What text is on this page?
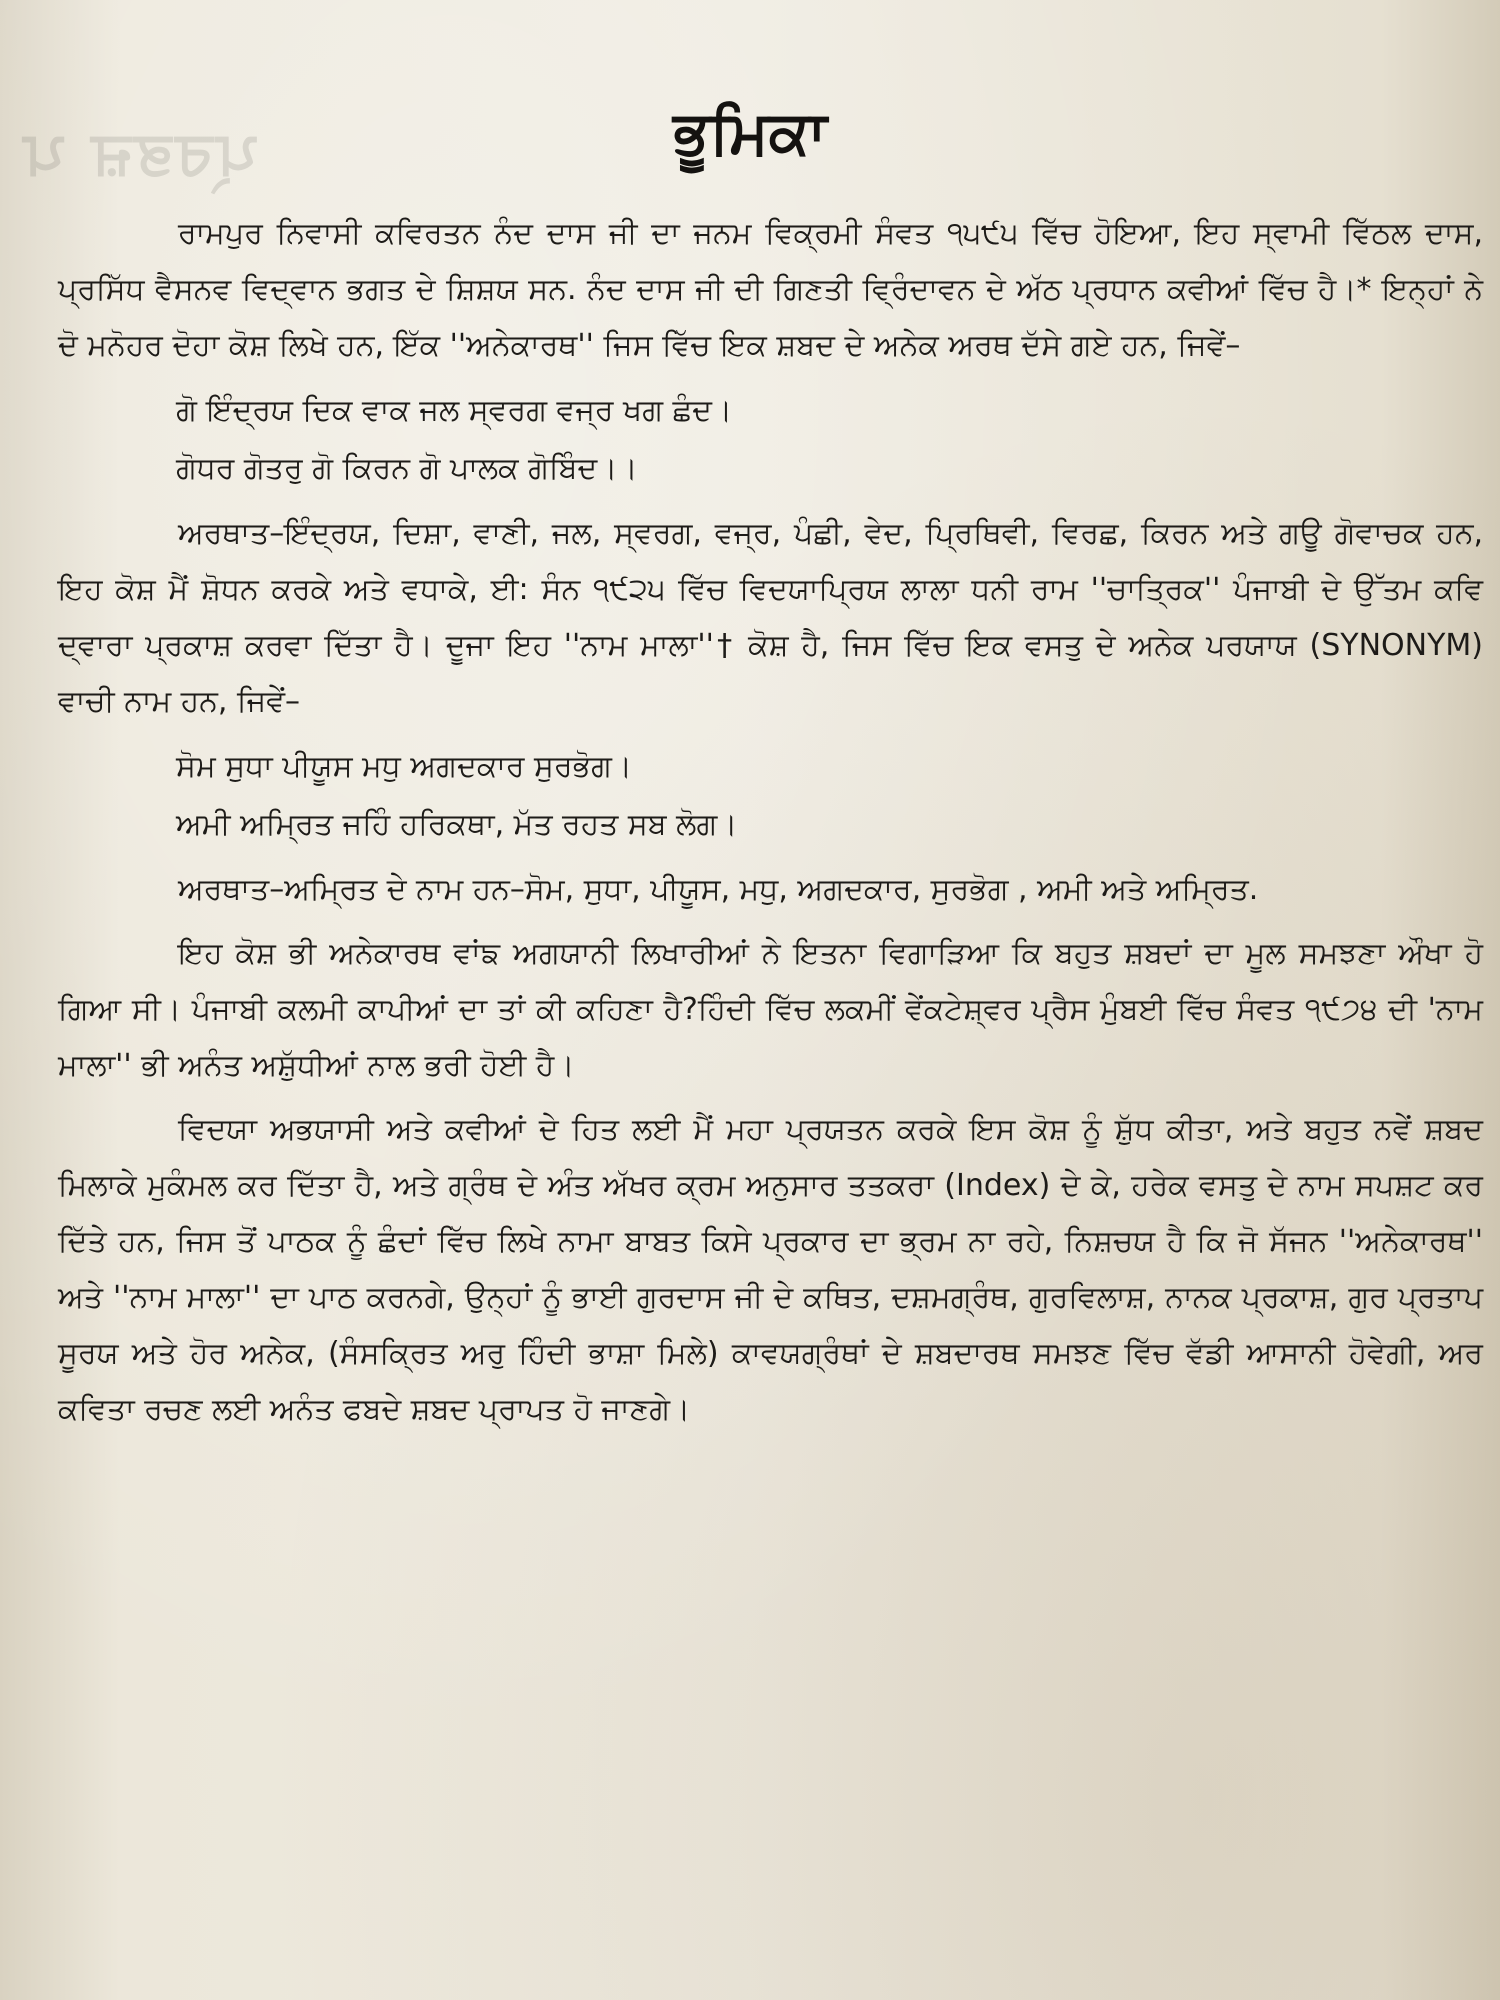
ਪ੍ਰਭਜ਼ ਪ	ਭੂਮਿਕਾ

ਰਾਮਪੁਰ ਨਿਵਾਸੀ ਕਵਿਰਤਨ ਨੰਦ ਦਾਸ ਜੀ ਦਾ ਜਨਮ ਵਿਕ੍ਰਮੀ ਸੰਵਤ ੧੫੯੫ ਵਿੱਚ ਹੋਇਆ, ਇਹ ਸ੍ਵਾਮੀ ਵਿੱਠਲ ਦਾਸ, ਪ੍ਰਸਿੱਧ ਵੈਸਨਵ ਵਿਦ੍ਵਾਨ ਭਗਤ ਦੇ ਸ਼ਿਸ਼ਯ ਸਨ. ਨੰਦ ਦਾਸ ਜੀ ਦੀ ਗਿਣਤੀ ਵ੍ਰਿੰਦਾਵਨ ਦੇ ਅੱਠ ਪ੍ਰਧਾਨ ਕਵੀਆਂ ਵਿੱਚ ਹੈ।* ਇਨ੍ਹਾਂ ਨੇ ਦੋ ਮਨੋਹਰ ਦੋਹਾ ਕੋਸ਼ ਲਿਖੇ ਹਨ, ਇੱਕ ''ਅਨੇਕਾਰਥ'' ਜਿਸ ਵਿੱਚ ਇਕ ਸ਼ਬਦ ਦੇ ਅਨੇਕ ਅਰਥ ਦੱਸੇ ਗਏ ਹਨ, ਜਿਵੇਂ–

ਗੋ ਇੰਦ੍ਰਯ ਦਿਕ ਵਾਕ ਜਲ ਸ੍ਵਰਗ ਵਜ੍ਰ ਖਗ ਛੰਦ।
ਗੋਧਰ ਗੋਤਰੁ ਗੋ ਕਿਰਨ ਗੋ ਪਾਲਕ ਗੋਬਿੰਦ।।

ਅਰਥਾਤ–ਇੰਦ੍ਰਯ, ਦਿਸ਼ਾ, ਵਾਣੀ, ਜਲ, ਸ੍ਵਰਗ, ਵਜ੍ਰ, ਪੰਛੀ, ਵੇਦ, ਪ੍ਰਿਥਿਵੀ, ਵਿਰਛ, ਕਿਰਨ ਅਤੇ ਗਊ ਗੋਵਾਚਕ ਹਨ, ਇਹ ਕੋਸ਼ ਮੈਂ ਸ਼ੋਧਨ ਕਰਕੇ ਅਤੇ ਵਧਾਕੇ, ਈ: ਸੰਨ ੧੯੨੫ ਵਿੱਚ ਵਿਦਯਾਪ੍ਰਿਯ ਲਾਲਾ ਧਨੀ ਰਾਮ ''ਚਾਤ੍ਰਿਕ'' ਪੰਜਾਬੀ ਦੇ ਉੱਤਮ ਕਵਿ ਦ੍ਵਾਰਾ ਪ੍ਰਕਾਸ਼ ਕਰਵਾ ਦਿੱਤਾ ਹੈ। ਦੂਜਾ ਇਹ ''ਨਾਮ ਮਾਲਾ''† ਕੋਸ਼ ਹੈ, ਜਿਸ ਵਿੱਚ ਇਕ ਵਸਤੁ ਦੇ ਅਨੇਕ ਪਰਯਾਯ (SYNONYM) ਵਾਚੀ ਨਾਮ ਹਨ, ਜਿਵੇਂ–

ਸੋਮ ਸੁਧਾ ਪੀਯੂਸ ਮਧੁ ਅਗਦਕਾਰ ਸੁਰਭੋਗ।
ਅਮੀ ਅਮ੍ਰਿਤ ਜਹਿੰ ਹਰਿਕਥਾ, ਮੱਤ ਰਹਤ ਸਬ ਲੋਗ।

ਅਰਥਾਤ–ਅਮ੍ਰਿਤ ਦੇ ਨਾਮ ਹਨ–ਸੋਮ, ਸੁਧਾ, ਪੀਯੂਸ, ਮਧੁ, ਅਗਦਕਾਰ, ਸੁਰਭੋਗ , ਅਮੀ ਅਤੇ ਅਮ੍ਰਿਤ.

ਇਹ ਕੋਸ਼ ਭੀ ਅਨੇਕਾਰਥ ਵਾਂਙ ਅਗਯਾਨੀ ਲਿਖਾਰੀਆਂ ਨੇ ਇਤਨਾ ਵਿਗਾੜਿਆ ਕਿ ਬਹੁਤ ਸ਼ਬਦਾਂ ਦਾ ਮੂਲ ਸਮਝਣਾ ਔਖਾ ਹੋ ਗਿਆ ਸੀ। ਪੰਜਾਬੀ ਕਲਮੀ ਕਾਪੀਆਂ ਦਾ ਤਾਂ ਕੀ ਕਹਿਣਾ ਹੈ?ਹਿੰਦੀ ਵਿੱਚ ਲਕਮੀਂ ਵੇਂਕਟੇਸ਼੍ਵਰ ਪ੍ਰੈਸ ਮੁੰਬਈ ਵਿੱਚ ਸੰਵਤ ੧੯੭੪ ਦੀ 'ਨਾਮ ਮਾਲਾ'' ਭੀ ਅਨੰਤ ਅਸ਼ੁੱਧੀਆਂ ਨਾਲ ਭਰੀ ਹੋਈ ਹੈ।

ਵਿਦਯਾ ਅਭਯਾਸੀ ਅਤੇ ਕਵੀਆਂ ਦੇ ਹਿਤ ਲਈ ਮੈਂ ਮਹਾ ਪ੍ਰਯਤਨ ਕਰਕੇ ਇਸ ਕੋਸ਼ ਨੂੰ ਸ਼ੁੱਧ ਕੀਤਾ, ਅਤੇ ਬਹੁਤ ਨਵੇਂ ਸ਼ਬਦ ਮਿਲਾਕੇ ਮੁਕੰਮਲ ਕਰ ਦਿੱਤਾ ਹੈ, ਅਤੇ ਗ੍ਰੰਥ ਦੇ ਅੰਤ ਅੱਖਰ ਕ੍ਰਮ ਅਨੁਸਾਰ ਤਤਕਰਾ (Index) ਦੇ ਕੇ, ਹਰੇਕ ਵਸਤੁ ਦੇ ਨਾਮ ਸਪਸ਼ਟ ਕਰ ਦਿੱਤੇ ਹਨ, ਜਿਸ ਤੋਂ ਪਾਠਕ ਨੂੰ ਛੰਦਾਂ ਵਿੱਚ ਲਿਖੇ ਨਾਮਾ ਬਾਬਤ ਕਿਸੇ ਪ੍ਰਕਾਰ ਦਾ ਭ੍ਰਮ ਨਾ ਰਹੇ, ਨਿਸ਼ਚਯ ਹੈ ਕਿ ਜੋ ਸੱਜਨ ''ਅਨੇਕਾਰਥ'' ਅਤੇ ''ਨਾਮ ਮਾਲਾ'' ਦਾ ਪਾਠ ਕਰਨਗੇ, ਉਨ੍ਹਾਂ ਨੂੰ ਭਾਈ ਗੁਰਦਾਸ ਜੀ ਦੇ ਕਥਿਤ, ਦਸ਼ਮਗ੍ਰੰਥ, ਗੁਰਵਿਲਾਸ਼, ਨਾਨਕ ਪ੍ਰਕਾਸ਼, ਗੁਰ ਪ੍ਰਤਾਪ ਸੂਰਯ ਅਤੇ ਹੋਰ ਅਨੇਕ, (ਸੰਸਕ੍ਰਿਤ ਅਰੁ ਹਿੰਦੀ ਭਾਸ਼ਾ ਮਿਲੇ) ਕਾਵਯਗ੍ਰੰਥਾਂ ਦੇ ਸ਼ਬਦਾਰਥ ਸਮਝਣ ਵਿੱਚ ਵੱਡੀ ਆਸਾਨੀ ਹੋਵੇਗੀ, ਅਰ ਕਵਿਤਾ ਰਚਣ ਲਈ ਅਨੰਤ ਫਬਦੇ ਸ਼ਬਦ ਪ੍ਰਾਪਤ ਹੋ ਜਾਣਗੇ।
